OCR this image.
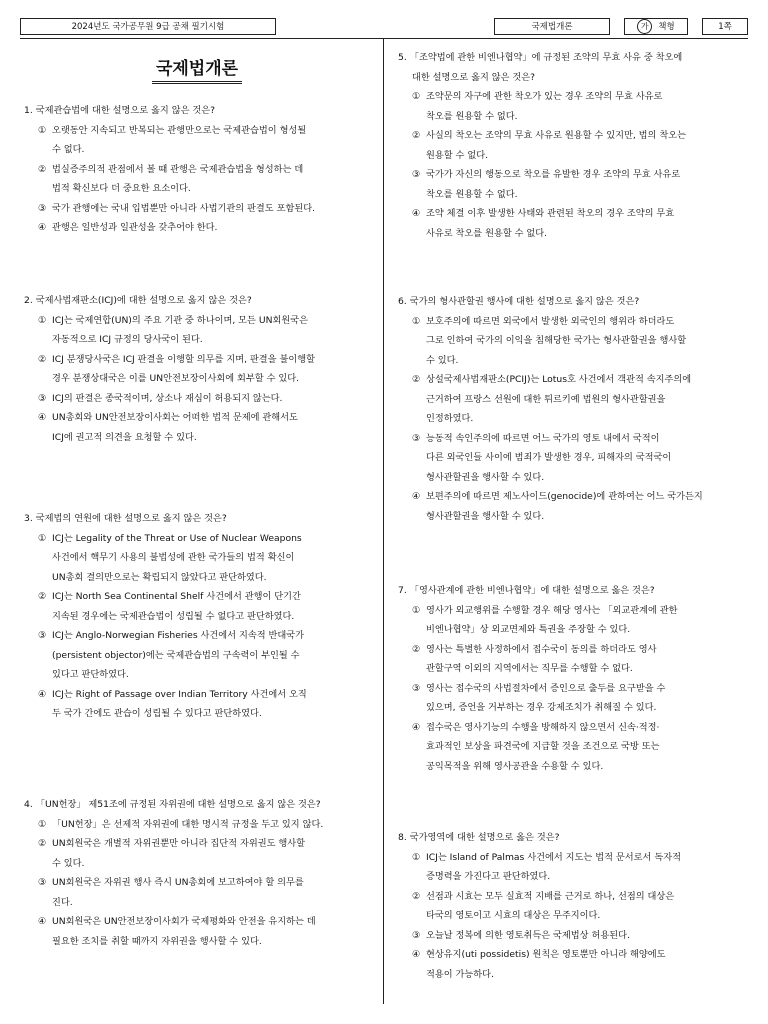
2024년도 국가공무원 9급 공채 필기시험	국제법개론	가 책형	1쪽
국제법개론
1. 국제관습법에 대한 설명으로 옳지 않은 것은?
① 오랫동안 지속되고 반복되는 관행만으로는 국제관습법이 형성될
수 없다.
② 법실증주의적 관점에서 볼 때 관행은 국제관습법을 형성하는 데
법적 확신보다 더 중요한 요소이다.
③ 국가 관행에는 국내 입법뿐만 아니라 사법기관의 판결도 포함된다.
④ 관행은 일반성과 일관성을 갖추어야 한다.
2. 국제사법재판소(ICJ)에 대한 설명으로 옳지 않은 것은?
① ICJ는 국제연합(UN)의 주요 기관 중 하나이며, 모든 UN회원국은
자동적으로 ICJ 규정의 당사국이 된다.
② ICJ 분쟁당사국은 ICJ 판결을 이행할 의무를 지며, 판결을 불이행할
경우 분쟁상대국은 이를 UN안전보장이사회에 회부할 수 있다.
③ ICJ의 판결은 종국적이며, 상소나 재심이 허용되지 않는다.
④ UN총회와 UN안전보장이사회는 어떠한 법적 문제에 관해서도
ICJ에 권고적 의견을 요청할 수 있다.
3. 국제법의 연원에 대한 설명으로 옳지 않은 것은?
① ICJ는 Legality of the Threat or Use of Nuclear Weapons
사건에서 핵무기 사용의 불법성에 관한 국가들의 법적 확신이
UN총회 결의만으로는 확립되지 않았다고 판단하였다.
② ICJ는 North Sea Continental Shelf 사건에서 관행이 단기간
지속된 경우에는 국제관습법이 성립될 수 없다고 판단하였다.
③ ICJ는 Anglo-Norwegian Fisheries 사건에서 지속적 반대국가
(persistent objector)에는 국제관습법의 구속력이 부인될 수
있다고 판단하였다.
④ ICJ는 Right of Passage over Indian Territory 사건에서 오직
두 국가 간에도 관습이 성립될 수 있다고 판단하였다.
4. 「UN헌장」 제51조에 규정된 자위권에 대한 설명으로 옳지 않은 것은?
① 「UN헌장」은 선제적 자위권에 대한 명시적 규정을 두고 있지 않다.
② UN회원국은 개별적 자위권뿐만 아니라 집단적 자위권도 행사할
수 있다.
③ UN회원국은 자위권 행사 즉시 UN총회에 보고하여야 할 의무를
진다.
④ UN회원국은 UN안전보장이사회가 국제평화와 안전을 유지하는 데
필요한 조치를 취할 때까지 자위권을 행사할 수 있다.
5. 「조약법에 관한 비엔나협약」에 규정된 조약의 무효 사유 중 착오에
대한 설명으로 옳지 않은 것은?
① 조약문의 자구에 관한 착오가 있는 경우 조약의 무효 사유로
착오를 원용할 수 없다.
② 사실의 착오는 조약의 무효 사유로 원용할 수 있지만, 법의 착오는
원용할 수 없다.
③ 국가가 자신의 행동으로 착오를 유발한 경우 조약의 무효 사유로
착오를 원용할 수 없다.
④ 조약 체결 이후 발생한 사태와 관련된 착오의 경우 조약의 무효
사유로 착오를 원용할 수 없다.
6. 국가의 형사관할권 행사에 대한 설명으로 옳지 않은 것은?
① 보호주의에 따르면 외국에서 발생한 외국인의 행위라 하더라도
그로 인하여 국가의 이익을 침해당한 국가는 형사관할권을 행사할
수 있다.
② 상설국제사법재판소(PCIJ)는 Lotus호 사건에서 객관적 속지주의에
근거하여 프랑스 선원에 대한 튀르키예 법원의 형사관할권을
인정하였다.
③ 능동적 속인주의에 따르면 어느 국가의 영토 내에서 국적이
다른 외국인들 사이에 범죄가 발생한 경우, 피해자의 국적국이
형사관할권을 행사할 수 있다.
④ 보편주의에 따르면 제노사이드(genocide)에 관하여는 어느 국가든지
형사관할권을 행사할 수 있다.
7. 「영사관계에 관한 비엔나협약」에 대한 설명으로 옳은 것은?
① 영사가 외교행위를 수행할 경우 해당 영사는 「외교관계에 관한
비엔나협약」상 외교면제와 특권을 주장할 수 있다.
② 영사는 특별한 사정하에서 접수국이 동의를 하더라도 영사
관할구역 이외의 지역에서는 직무를 수행할 수 없다.
③ 영사는 접수국의 사법절차에서 증인으로 출두를 요구받을 수
있으며, 증언을 거부하는 경우 강제조치가 취해질 수 있다.
④ 접수국은 영사기능의 수행을 방해하지 않으면서 신속·적정·
효과적인 보상을 파견국에 지급할 것을 조건으로 국방 또는
공익목적을 위해 영사공관을 수용할 수 있다.
8. 국가영역에 대한 설명으로 옳은 것은?
① ICJ는 Island of Palmas 사건에서 지도는 법적 문서로서 독자적
증명력을 가진다고 판단하였다.
② 선점과 시효는 모두 실효적 지배를 근거로 하나, 선점의 대상은
타국의 영토이고 시효의 대상은 무주지이다.
③ 오늘날 정복에 의한 영토취득은 국제법상 허용된다.
④ 현상유지(uti possidetis) 원칙은 영토뿐만 아니라 해양에도
적용이 가능하다.
